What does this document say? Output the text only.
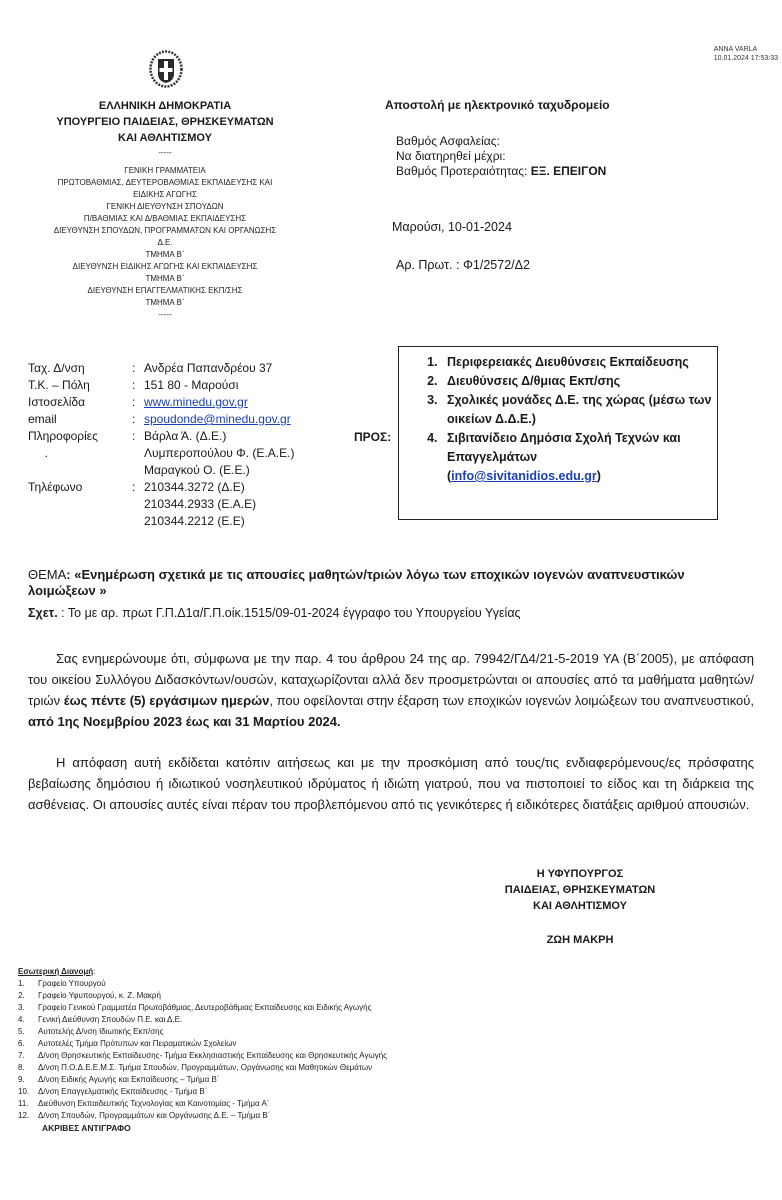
ANNA VARLA
10.01.2024 17:53:33
ΕΛΛΗΝΙΚΗ ΔΗΜΟΚΡΑΤΙΑ
ΥΠΟΥΡΓΕΙΟ ΠΑΙΔΕΙΑΣ, ΘΡΗΣΚΕΥΜΑΤΩΝ
ΚΑΙ ΑΘΛΗΤΙΣΜΟΥ
-----
ΓΕΝΙΚΗ ΓΡΑΜΜΑΤΕΙΑ
ΠΡΩΤΟΒΑΘΜΙΑΣ, ΔΕΥΤΕΡΟΒΑΘΜΙΑΣ ΕΚΠΑΙΔΕΥΣΗΣ ΚΑΙ
ΕΙΔΙΚΗΣ ΑΓΩΓΗΣ
ΓΕΝΙΚΗ ΔΙΕΥΘΥΝΣΗ ΣΠΟΥΔΩΝ
Π/ΒΑΘΜΙΑΣ ΚΑΙ Δ/ΒΑΘΜΙΑΣ ΕΚΠΑΙΔΕΥΣΗΣ
ΔΙΕΥΘΥΝΣΗ ΣΠΟΥΔΩΝ, ΠΡΟΓΡΑΜΜΑΤΩΝ ΚΑΙ ΟΡΓΑΝΩΣΗΣ
Δ.Ε.
ΤΜΗΜΑ Β΄
ΔΙΕΥΘΥΝΣΗ ΕΙΔΙΚΗΣ ΑΓΩΓΗΣ ΚΑΙ ΕΚΠΑΙΔΕΥΣΗΣ
ΤΜΗΜΑ Β΄
ΔΙΕΥΘΥΝΣΗ ΕΠΑΓΓΕΛΜΑΤΙΚΗΣ ΕΚΠ/ΣΗΣ
ΤΜΗΜΑ Β΄
-----
Αποστολή με ηλεκτρονικό ταχυδρομείο
Βαθμός Ασφαλείας:
Να διατηρηθεί μέχρι:
Βαθμός Προτεραιότητας: ΕΞ. ΕΠΕΙΓΟΝ
Μαρούσι, 10-01-2024
Αρ. Πρωτ. : Φ1/2572/Δ2
Ταχ. Δ/νση	: Ανδρέα Παπανδρέου 37
Τ.Κ. – Πόλη	: 151 80 - Μαρούσι
Ιστοσελίδα	: www.minedu.gov.gr
email	: spoudonde@minedu.gov.gr
Πληροφορίες	: Βάρλα Ά. (Δ.Ε.)
.	Λυμπεροπούλου Φ. (Ε.Α.Ε.)
Μαραγκού Ο. (Ε.Ε.)
Τηλέφωνο	: 210344.3272 (Δ.Ε)
210344.2933 (Ε.Α.Ε)
210344.2212 (Ε.Ε)
ΠΡΟΣ:
1. Περιφερειακές Διευθύνσεις Εκπαίδευσης
2. Διευθύνσεις Δ/θμιας Εκπ/σης
3. Σχολικές μονάδες Δ.Ε. της χώρας (μέσω των οικείων Δ.Δ.Ε.)
4. Σιβιτανίδειο Δημόσια Σχολή Τεχνών και Επαγγελμάτων
(info@sivitanidios.edu.gr)
ΘΕΜΑ: «Ενημέρωση σχετικά με τις απουσίες μαθητών/τριών λόγω των εποχικών ιογενών αναπνευστικών λοιμώξεων »
Σχετ. : Το με αρ. πρωτ Γ.Π.Δ1α/Γ.Π.οίκ.1515/09-01-2024 έγγραφο του Υπουργείου Υγείας
Σας ενημερώνουμε ότι, σύμφωνα με την παρ. 4 του άρθρου 24 της αρ. 79942/ΓΔ4/21-5-2019 ΥΑ (Β΄2005), με απόφαση του οικείου Συλλόγου Διδασκόντων/ουσών, καταχωρίζονται αλλά δεν προσμετρώνται οι απουσίες από τα μαθήματα μαθητών/τριών έως πέντε (5) εργάσιμων ημερών, που οφείλονται στην έξαρση των εποχικών ιογενών λοιμώξεων του αναπνευστικού, από 1ης Νοεμβρίου 2023 έως και 31 Μαρτίου 2024.
Η απόφαση αυτή εκδίδεται κατόπιν αιτήσεως και με την προσκόμιση από τους/τις ενδιαφερόμενους/ες πρόσφατης βεβαίωσης δημόσιου ή ιδιωτικού νοσηλευτικού ιδρύματος ή ιδιώτη γιατρού, που να πιστοποιεί το είδος και τη διάρκεια της ασθένειας. Οι απουσίες αυτές είναι πέραν του προβλεπόμενου από τις γενικότερες ή ειδικότερες διατάξεις αριθμού απουσιών.
Η ΥΦΥΠΟΥΡΓΟΣ
ΠΑΙΔΕΙΑΣ, ΘΡΗΣΚΕΥΜΑΤΩΝ
ΚΑΙ ΑΘΛΗΤΙΣΜΟΥ
ΖΩΗ ΜΑΚΡΗ
Εσωτερική Διανομή:
1.	Γραφείο Υπουργού
2.	Γραφείο Υφυπουργού, κ. Ζ. Μακρή
3.	Γραφείο Γενικού Γραμματέα Πρωτοβάθμιας, Δευτεροβάθμιας Εκπαίδευσης και Ειδικής Αγωγής
4.	Γενική Διεύθυνση Σπουδών Π.Ε. και Δ.Ε.
5.	Αυτοτελής Δ/νση Ιδιωτικής Εκπ/σης
6.	Αυτοτελές Τμήμα Πρότυπων και Πειραματικών Σχολείων
7.	Δ/νση Θρησκευτικής Εκπαίδευσης- Τμήμα Εκκλησιαστικής Εκπαίδευσης και Θρησκευτικής Αγωγής
8.	Δ/νση Π.Ο.Δ.Ε.Ε.Μ.Σ. Τμήμα Σπουδών, Προγραμμάτων, Οργάνωσης και Μαθητικών Θεμάτων
9.	Δ/νση Ειδικής Αγωγής και Εκπαίδευσης – Τμήμα Β΄
10.	Δ/νση Επαγγελματικής Εκπαίδευσης - Τμήμα Β΄
11.	Διεύθυνση Εκπαιδευτικής Τεχνολογίας και Καινοτομίας - Τμήμα Α΄
12.	Δ/νση Σπουδών, Προγραμμάτων και Οργάνωσης Δ.Ε. – Τμήμα Β΄
ΑΚΡΙΒΕΣ ΑΝΤΙΓΡΑΦΟ
